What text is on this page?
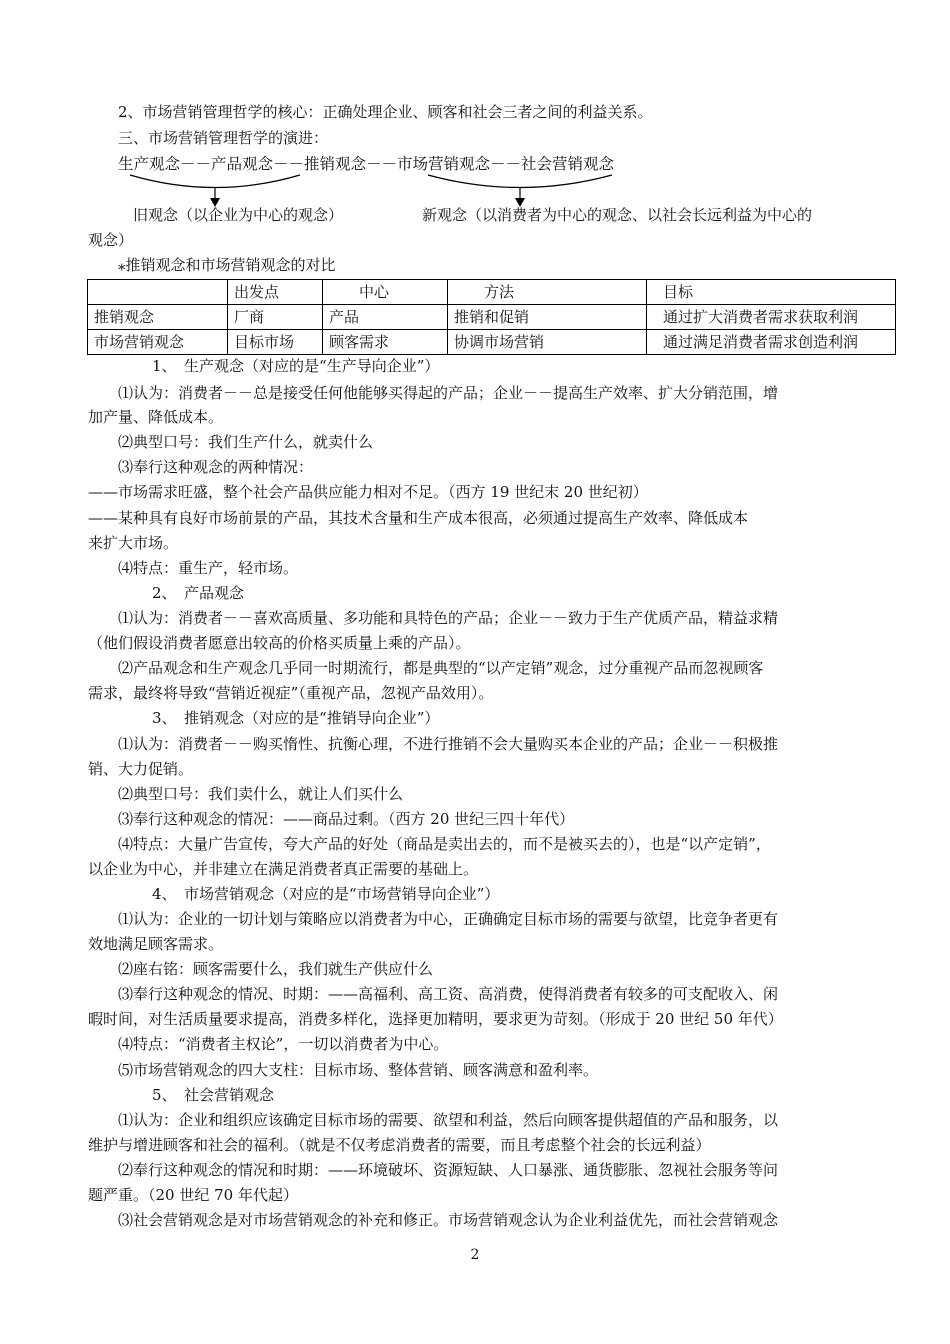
2、市场营销管理哲学的核心：正确处理企业、顾客和社会三者之间的利益关系。
三、市场营销管理哲学的演进：
生产观念－－产品观念－－推销观念－－市场营销观念－－社会营销观念
旧观念（以企业为中心的观念）	新观念（以消费者为中心的观念、以社会长远利益为中心的
观念）
⁎推销观念和市场营销观念的对比
	出发点	中心	方法	目标
推销观念	厂商	产品	推销和促销	通过扩大消费者需求获取利润
市场营销观念	目标市场	顾客需求	协调市场营销	通过满足消费者需求创造利润
1、　生产观念（对应的是“生产导向企业”）
⑴认为：消费者－－总是接受任何他能够买得起的产品；企业－－提高生产效率、扩大分销范围，增
加产量、降低成本。
⑵典型口号：我们生产什么，就卖什么
⑶奉行这种观念的两种情况：
——市场需求旺盛，整个社会产品供应能力相对不足。（西方 19 世纪末 20 世纪初）
——某种具有良好市场前景的产品，其技术含量和生产成本很高，必须通过提高生产效率、降低成本
来扩大市场。
⑷特点：重生产，轻市场。
2、　产品观念
⑴认为：消费者－－喜欢高质量、多功能和具特色的产品；企业－－致力于生产优质产品，精益求精
（他们假设消费者愿意出较高的价格买质量上乘的产品）。
⑵产品观念和生产观念几乎同一时期流行，都是典型的“以产定销”观念，过分重视产品而忽视顾客
需求，最终将导致“营销近视症”（重视产品，忽视产品效用）。
3、　推销观念（对应的是“推销导向企业”）
⑴认为：消费者－－购买惰性、抗衡心理，不进行推销不会大量购买本企业的产品；企业－－积极推
销、大力促销。
⑵典型口号：我们卖什么，就让人们买什么
⑶奉行这种观念的情况：——商品过剩。（西方 20 世纪三四十年代）
⑷特点：大量广告宣传，夸大产品的好处（商品是卖出去的，而不是被买去的），也是“以产定销”，
以企业为中心，并非建立在满足消费者真正需要的基础上。
4、　市场营销观念（对应的是“市场营销导向企业”）
⑴认为：企业的一切计划与策略应以消费者为中心，正确确定目标市场的需要与欲望，比竞争者更有
效地满足顾客需求。
⑵座右铭：顾客需要什么，我们就生产供应什么
⑶奉行这种观念的情况、时期：——高福利、高工资、高消费，使得消费者有较多的可支配收入、闲
暇时间，对生活质量要求提高，消费多样化，选择更加精明，要求更为苛刻。（形成于 20 世纪 50 年代）
⑷特点：“消费者主权论”，一切以消费者为中心。
⑸市场营销观念的四大支柱：目标市场、整体营销、顾客满意和盈利率。
5、　社会营销观念
⑴认为：企业和组织应该确定目标市场的需要、欲望和利益，然后向顾客提供超值的产品和服务，以
维护与增进顾客和社会的福利。（就是不仅考虑消费者的需要，而且考虑整个社会的长远利益）
⑵奉行这种观念的情况和时期：——环境破坏、资源短缺、人口暴涨、通货膨胀、忽视社会服务等问
题严重。（20 世纪 70 年代起）
⑶社会营销观念是对市场营销观念的补充和修正。市场营销观念认为企业利益优先，而社会营销观念
2
